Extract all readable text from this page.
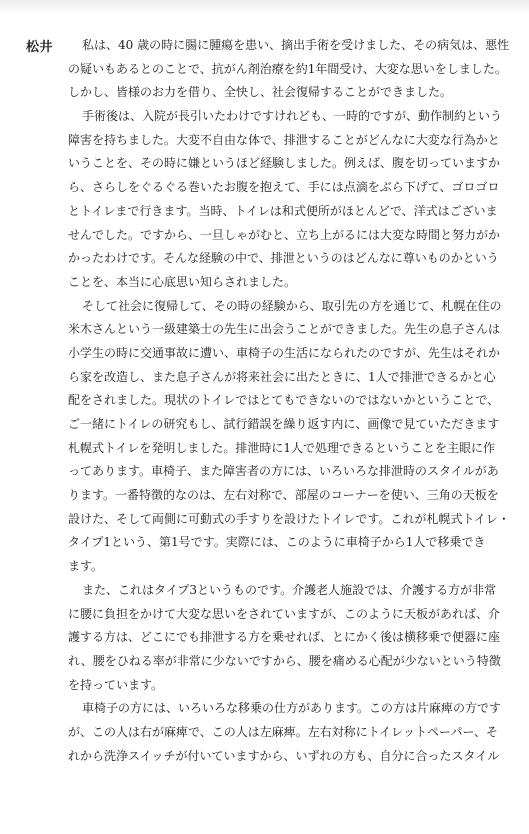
松井	私は、40 歳の時に腸に腫瘍を患い、摘出手術を受けました、その病気は、悪性
の疑いもあるとのことで、抗がん剤治療を約1年間受け、大変な思いをしました。
しかし、皆様のお力を借り、全快し、社会復帰することができました。
手術後は、入院が長引いたわけですけれども、一時的ですが、動作制約という
障害を持ちました。大変不自由な体で、排泄することがどんなに大変な行為かと
いうことを、その時に嫌というほど経験しました。例えば、腹を切っていますか
ら、さらしをぐるぐる巻いたお腹を抱えて、手には点滴をぶら下げて、ゴロゴロ
とトイレまで行きます。当時、トイレは和式便所がほとんどで、洋式はございま
せんでした。ですから、一旦しゃがむと、立ち上がるには大変な時間と努力がか
かったわけです。そんな経験の中で、排泄というのはどんなに尊いものかという
ことを、本当に心底思い知らされました。
そして社会に復帰して、その時の経験から、取引先の方を通じて、札幌在住の
米木さんという一級建築士の先生に出会うことができました。先生の息子さんは
小学生の時に交通事故に遭い、車椅子の生活になられたのですが、先生はそれか
ら家を改造し、また息子さんが将来社会に出たときに、1人で排泄できるかと心
配をされました。現状のトイレではとてもできないのではないかということで、
ご一緒にトイレの研究もし、試行錯誤を繰り返す内に、画像で見ていただきます
札幌式トイレを発明しました。排泄時に1人で処理できるということを主眼に作
ってあります。車椅子、また障害者の方には、いろいろな排泄時のスタイルがあ
ります。一番特徴的なのは、左右対称で、部屋のコーナーを使い、三角の天板を
設けた、そして両側に可動式の手すりを設けたトイレです。これが札幌式トイレ・
タイプ1という、第1号です。実際には、このように車椅子から1人で移乗でき
ます。
また、これはタイプ3というものです。介護老人施設では、介護する方が非常
に腰に負担をかけて大変な思いをされていますが、このように天板があれば、介
護する方は、どこにでも排泄する方を乗せれば、とにかく後は横移乗で便器に座
れ、腰をひねる率が非常に少ないですから、腰を痛める心配が少ないという特徴
を持っています。
車椅子の方には、いろいろな移乗の仕方があります。この方は片麻痺の方です
が、この人は右が麻痺で、この人は左麻痺。左右対称にトイレットペーパー、そ
れから洗浄スイッチが付いていますから、いずれの方も、自分に合ったスタイル
